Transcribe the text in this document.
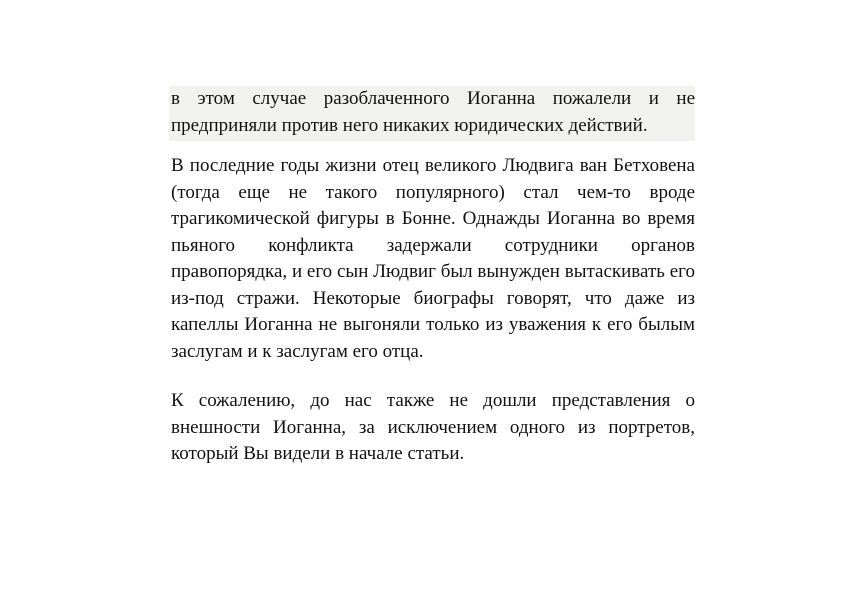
в этом случае разоблаченного Иоганна пожалели и не предприняли против него никаких юридических действий.

В последние годы жизни отец великого Людвига ван Бетховена (тогда еще не такого популярного) стал чем-то вроде трагикомической фигуры в Бонне. Однажды Иоганна во время пьяного конфликта задержали сотрудники органов правопорядка, и его сын Людвиг был вынужден вытаскивать его из-под стражи. Некоторые биографы говорят, что даже из капеллы Иоганна не выгоняли только из уважения к его былым заслугам и к заслугам его отца.

К сожалению, до нас также не дошли представления о внешности Иоганна, за исключением одного из портретов, который Вы видели в начале статьи.
